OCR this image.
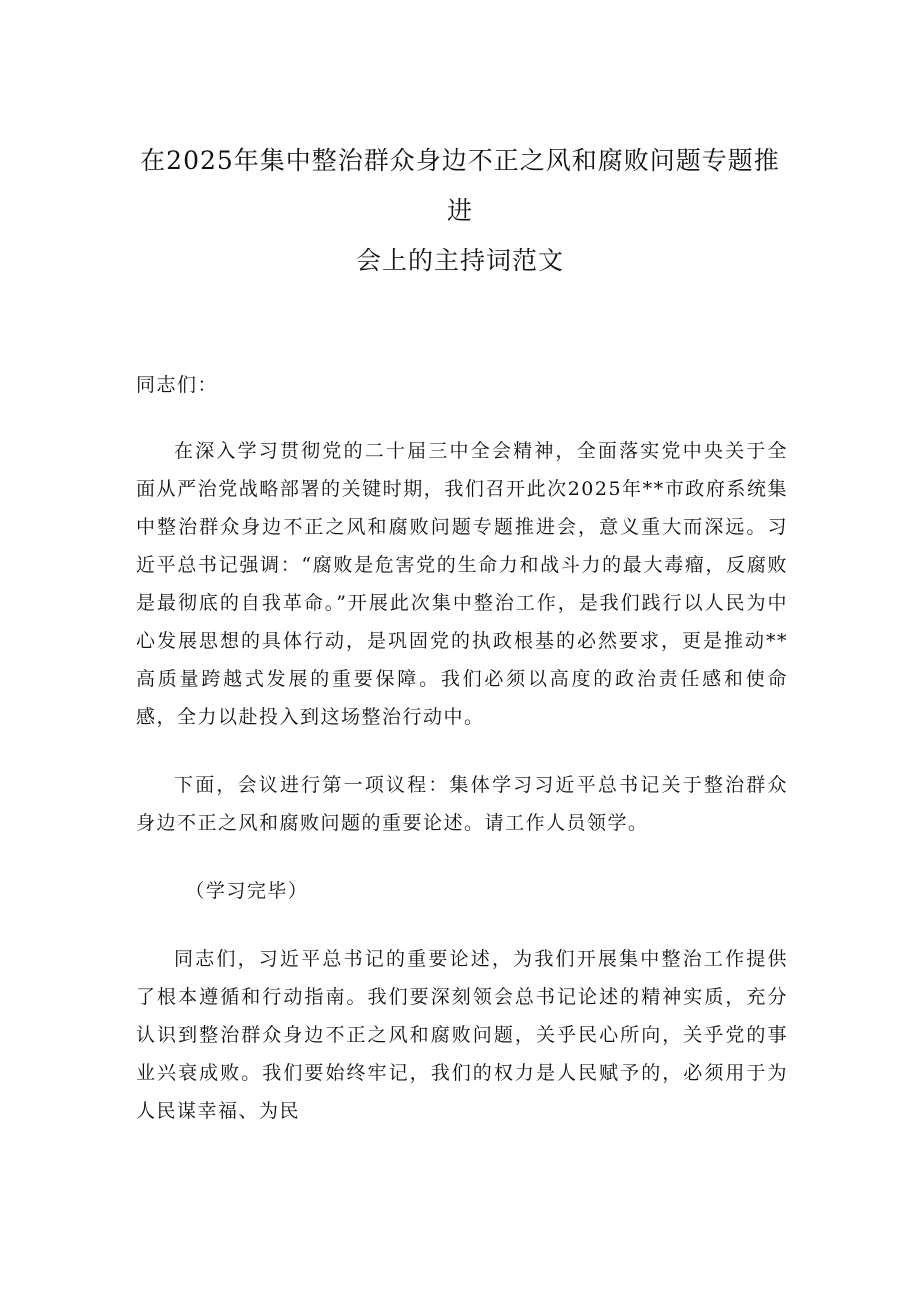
在2025年集中整治群众身边不正之风和腐败问题专题推进
会上的主持词范文

同志们：

在深入学习贯彻党的二十届三中全会精神，全面落实党中央关于全面从严治党战略部署的关键时期，我们召开此次2025年**市政府系统集中整治群众身边不正之风和腐败问题专题推进会，意义重大而深远。习近平总书记强调：“腐败是危害党的生命力和战斗力的最大毒瘤，反腐败是最彻底的自我革命。”开展此次集中整治工作，是我们践行以人民为中心发展思想的具体行动，是巩固党的执政根基的必然要求，更是推动**高质量跨越式发展的重要保障。我们必须以高度的政治责任感和使命感，全力以赴投入到这场整治行动中。

下面，会议进行第一项议程：集体学习习近平总书记关于整治群众身边不正之风和腐败问题的重要论述。请工作人员领学。

（学习完毕）

同志们，习近平总书记的重要论述，为我们开展集中整治工作提供了根本遵循和行动指南。我们要深刻领会总书记论述的精神实质，充分认识到整治群众身边不正之风和腐败问题，关乎民心所向，关乎党的事业兴衰成败。我们要始终牢记，我们的权力是人民赋予的，必须用于为人民谋幸福、为民
